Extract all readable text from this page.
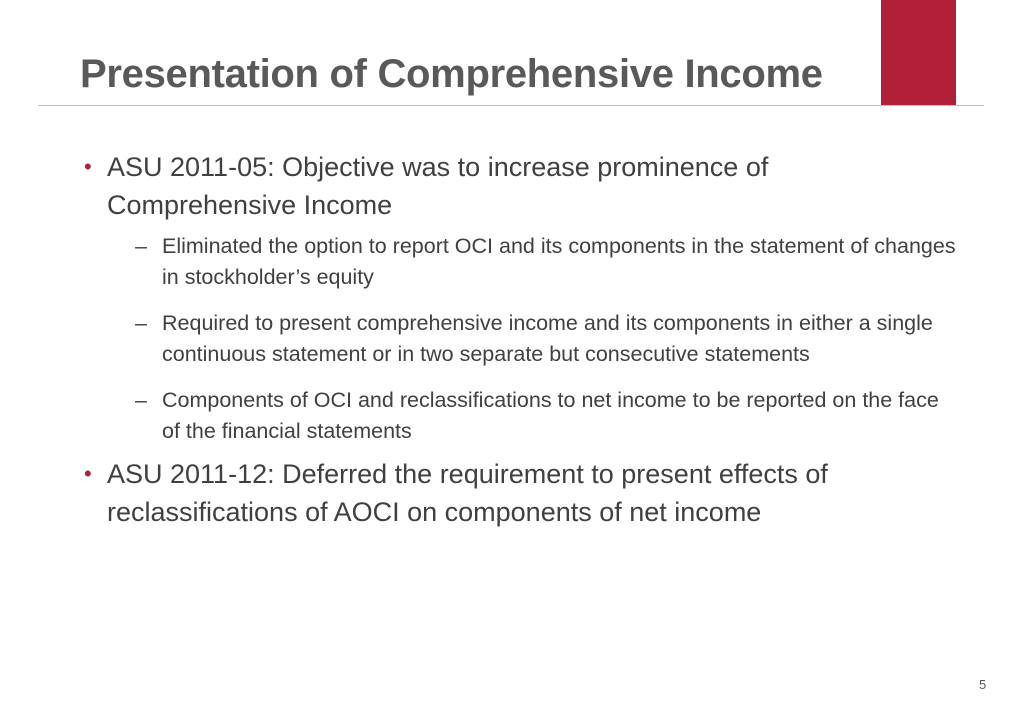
Presentation of Comprehensive Income
• ASU 2011-05: Objective was to increase prominence of Comprehensive Income
– Eliminated the option to report OCI and its components in the statement of changes in stockholder’s equity
– Required to present comprehensive income and its components in either a single continuous statement or in two separate but consecutive statements
– Components of OCI and reclassifications to net income to be reported on the face of the financial statements
• ASU 2011-12: Deferred the requirement to present effects of reclassifications of AOCI on components of net income
5
